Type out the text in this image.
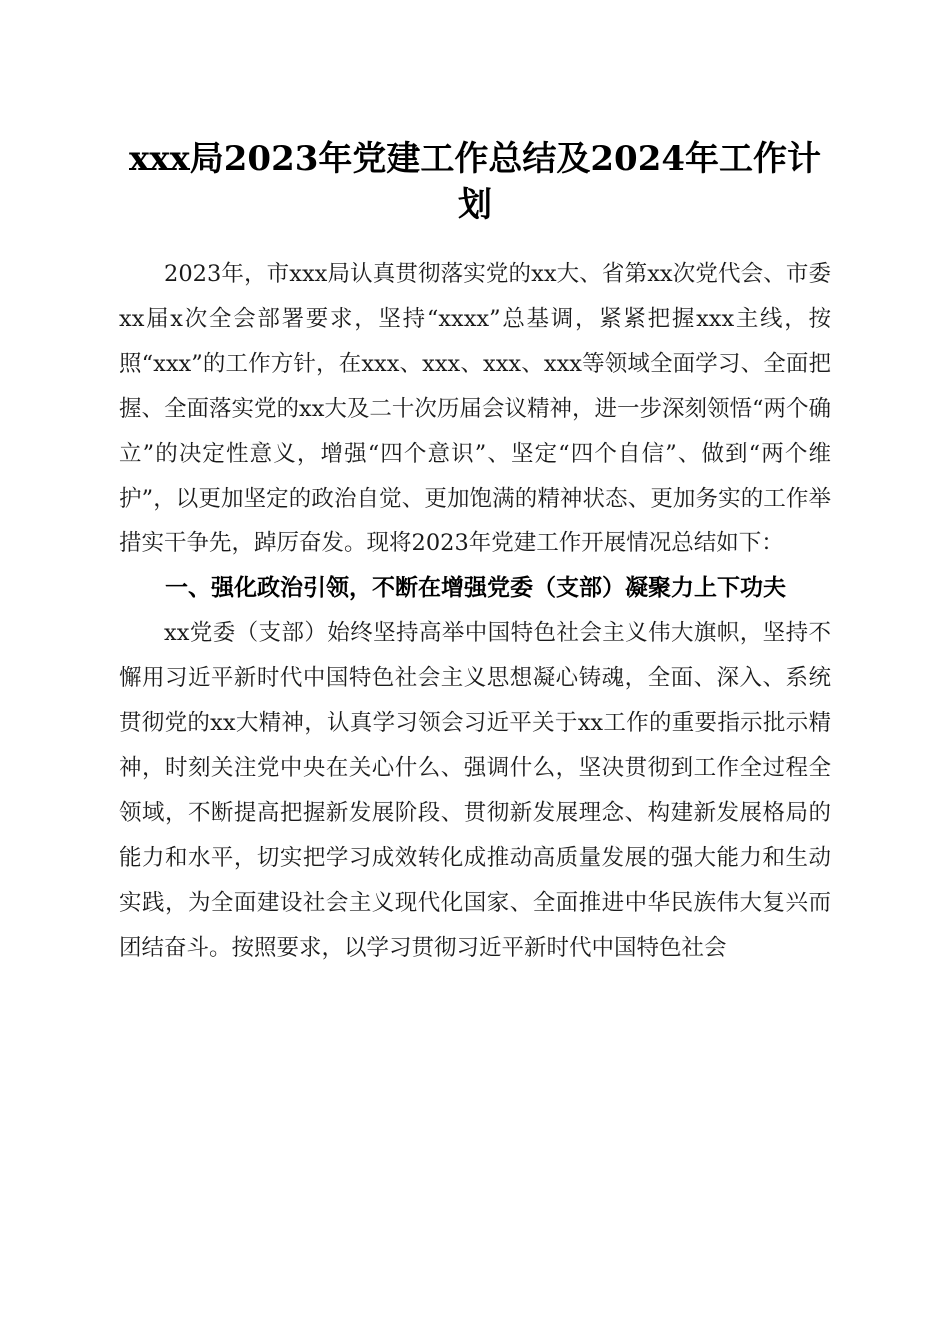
xxx局2023年党建工作总结及2024年工作计划

2023年，市xxx局认真贯彻落实党的xx大、省第xx次党代会、市委xx届x次全会部署要求，坚持“xxxx”总基调，紧紧把握xxx主线，按照“xxx”的工作方针，在xxx、xxx、xxx、xxx等领域全面学习、全面把握、全面落实党的xx大及二十次历届会议精神，进一步深刻领悟“两个确立”的决定性意义，增强“四个意识”、坚定“四个自信”、做到“两个维护”，以更加坚定的政治自觉、更加饱满的精神状态、更加务实的工作举措实干争先，踔厉奋发。现将2023年党建工作开展情况总结如下：

一、强化政治引领，不断在增强党委（支部）凝聚力上下功夫

xx党委（支部）始终坚持高举中国特色社会主义伟大旗帜，坚持不懈用习近平新时代中国特色社会主义思想凝心铸魂，全面、深入、系统贯彻党的xx大精神，认真学习领会习近平关于xx工作的重要指示批示精神，时刻关注党中央在关心什么、强调什么，坚决贯彻到工作全过程全领域，不断提高把握新发展阶段、贯彻新发展理念、构建新发展格局的能力和水平，切实把学习成效转化成推动高质量发展的强大能力和生动实践，为全面建设社会主义现代化国家、全面推进中华民族伟大复兴而团结奋斗。按照要求，以学习贯彻习近平新时代中国特色社会
